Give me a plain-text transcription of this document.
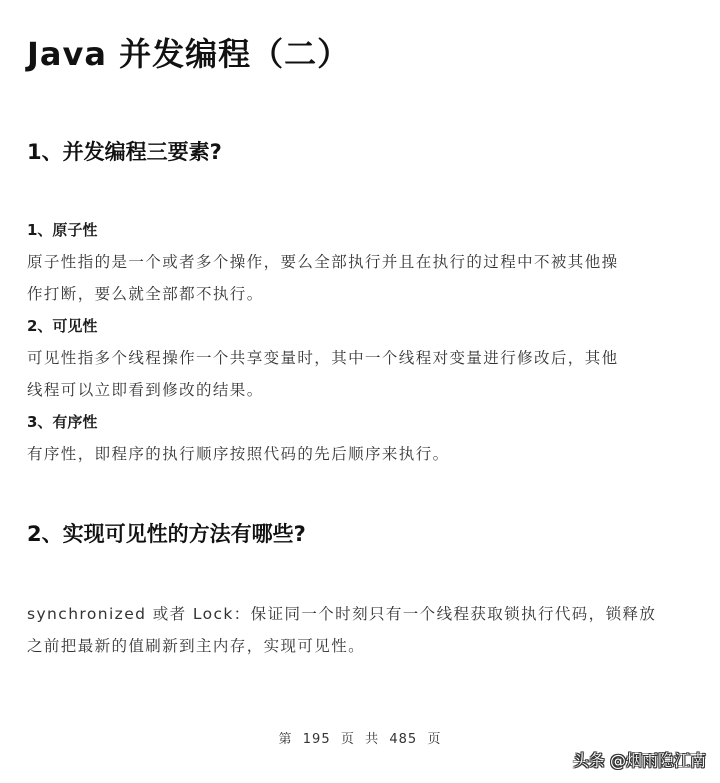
Java 并发编程（二）
1、并发编程三要素?
1、原子性
原子性指的是一个或者多个操作，要么全部执行并且在执行的过程中不被其他操
作打断，要么就全部都不执行。
2、可见性
可见性指多个线程操作一个共享变量时，其中一个线程对变量进行修改后，其他
线程可以立即看到修改的结果。
3、有序性
有序性，即程序的执行顺序按照代码的先后顺序来执行。
2、实现可见性的方法有哪些?
synchronized 或者 Lock：保证同一个时刻只有一个线程获取锁执行代码，锁释放
之前把最新的值刷新到主内存，实现可见性。
第  195  页  共  485  页
头条 @烟雨隐江南
